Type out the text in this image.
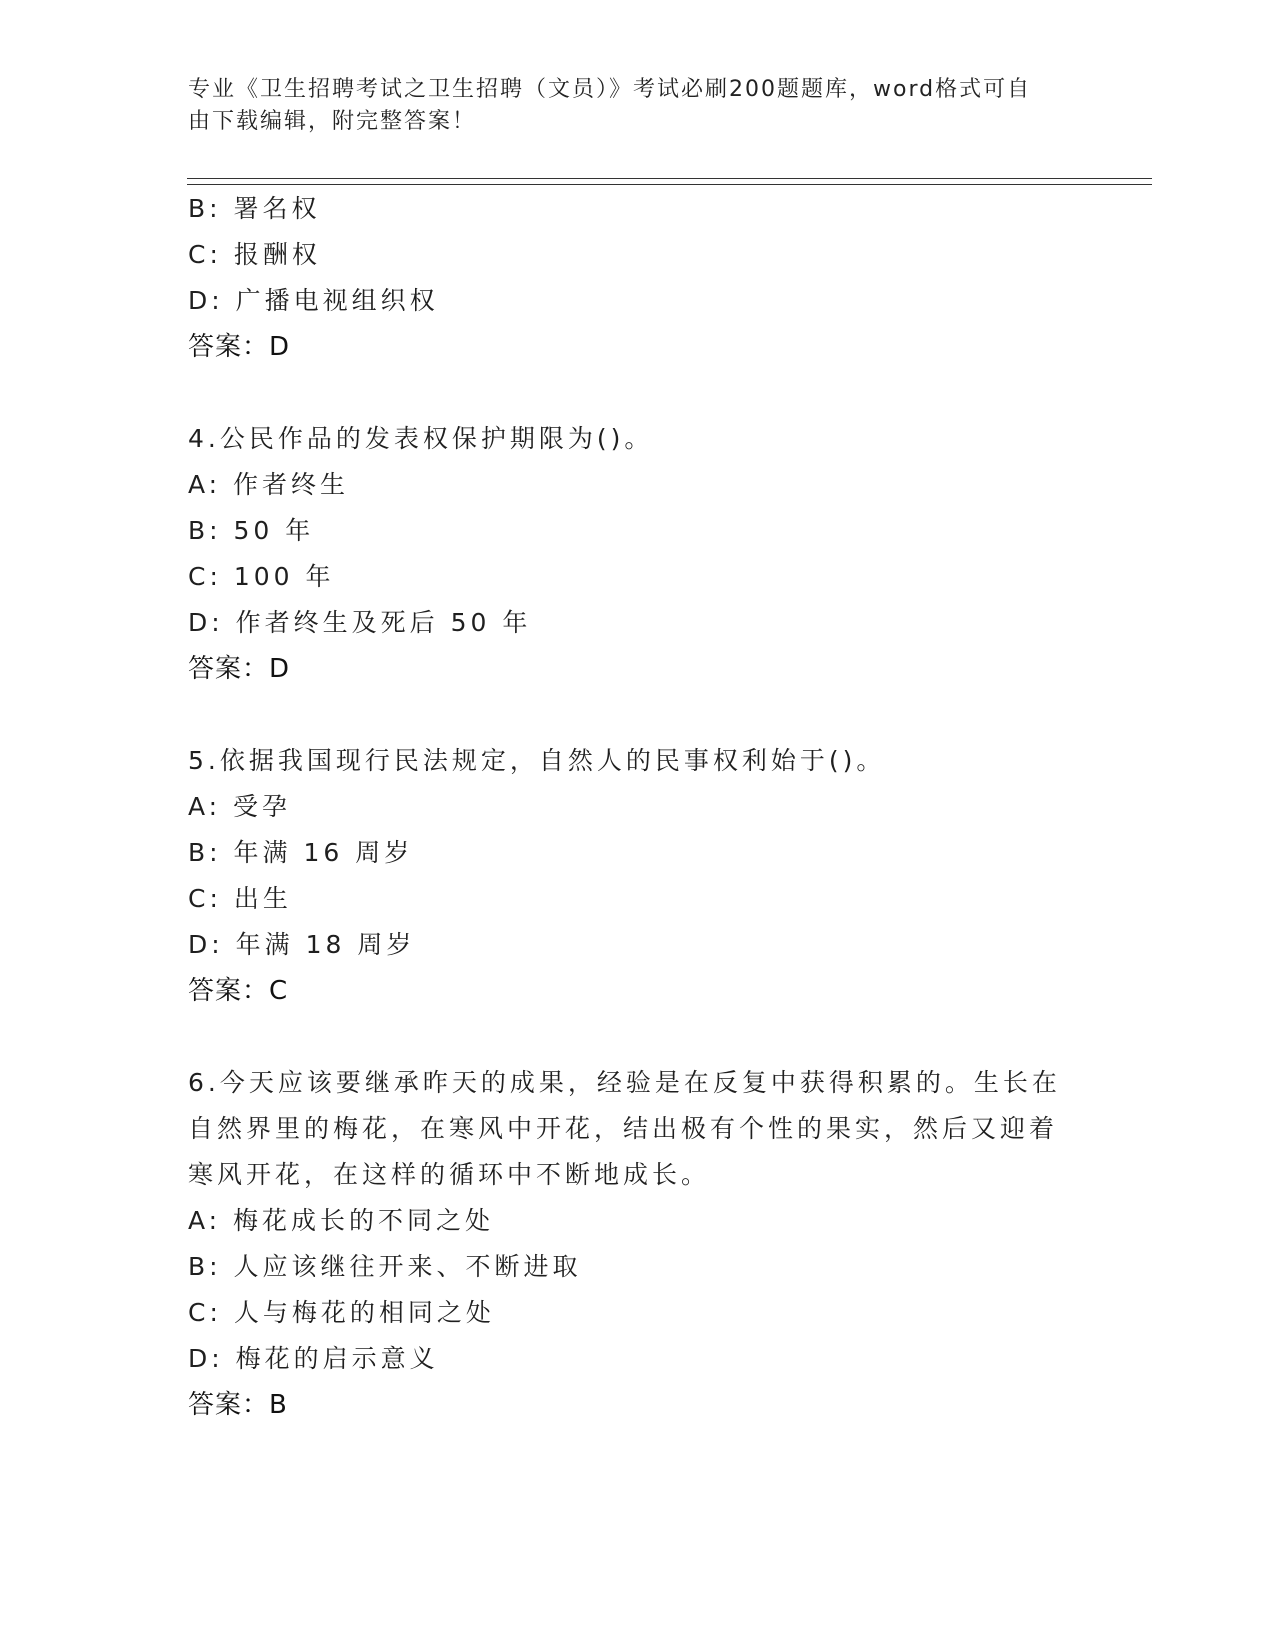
专业《卫生招聘考试之卫生招聘（文员）》考试必刷200题题库，word格式可自
由下载编辑，附完整答案！
B: 署名权
C: 报酬权
D: 广播电视组织权
答案：D
4.公民作品的发表权保护期限为()。
A: 作者终生
B: 50 年
C: 100 年
D: 作者终生及死后 50 年
答案：D
5.依据我国现行民法规定，自然人的民事权利始于()。
A: 受孕
B: 年满 16 周岁
C: 出生
D: 年满 18 周岁
答案：C
6.今天应该要继承昨天的成果，经验是在反复中获得积累的。生长在
自然界里的梅花，在寒风中开花，结出极有个性的果实，然后又迎着
寒风开花，在这样的循环中不断地成长。
A: 梅花成长的不同之处
B: 人应该继往开来、不断进取
C: 人与梅花的相同之处
D: 梅花的启示意义
答案：B
